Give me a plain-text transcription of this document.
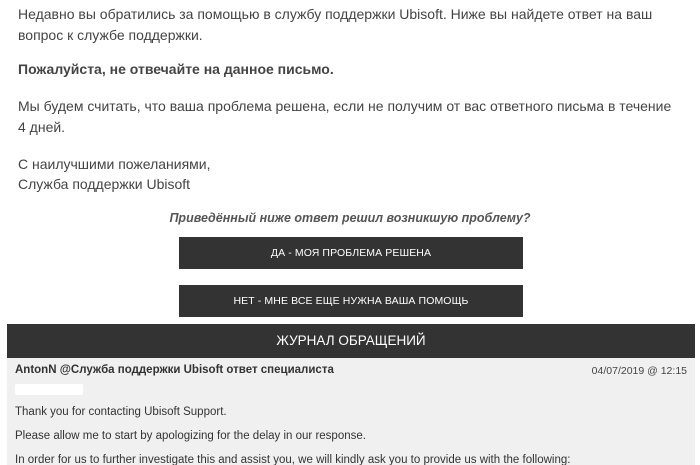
Недавно вы обратились за помощью в службу поддержки Ubisoft. Ниже вы найдете ответ на ваш вопрос к службе поддержки.

Пожалуйста, не отвечайте на данное письмо.

Мы будем считать, что ваша проблема решена, если не получим от вас ответного письма в течение 4 дней.

С наилучшими пожеланиями,

Служба поддержки Ubisoft

Приведённый ниже ответ решил возникшую проблему?
ДА - МОЯ ПРОБЛЕМА РЕШЕНА
НЕТ - МНЕ ВСЕ ЕЩЕ НУЖНА ВАША ПОМОЩЬ
ЖУРНАЛ ОБРАЩЕНИЙ
AntonN @Служба поддержки Ubisoft ответ специалиста	04/07/2019 @ 12:15
Thank you for contacting Ubisoft Support.
Please allow me to start by apologizing for the delay in our response.
In order for us to further investigate this and assist you, we will kindly ask you to provide us with the following:
